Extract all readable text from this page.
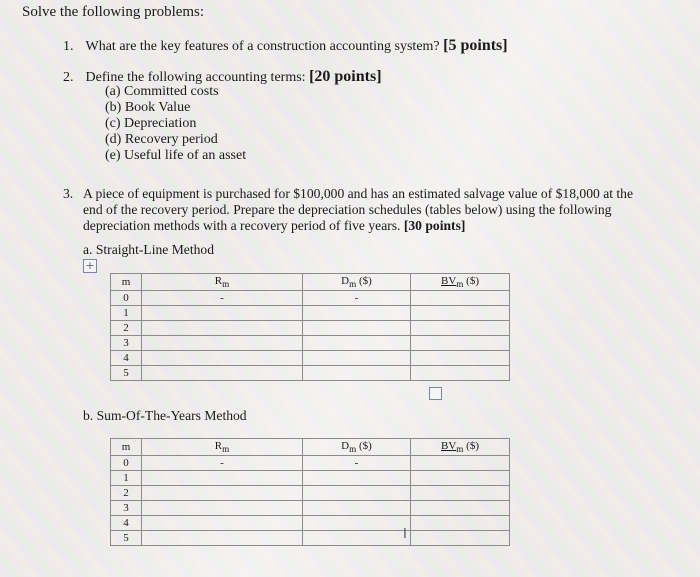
Solve the following problems:
1. What are the key features of a construction accounting system? [5 points]
2. Define the following accounting terms: [20 points]
(a) Committed costs
(b) Book Value
(c) Depreciation
(d) Recovery period
(e) Useful life of an asset
3. A piece of equipment is purchased for $100,000 and has an estimated salvage value of $18,000 at the end of the recovery period. Prepare the depreciation schedules (tables below) using the following depreciation methods with a recovery period of five years. [30 points]
a. Straight-Line Method
+
m	$R_m$	$D_m$ ($)	$BV_m$ ($)
0	-	-	
1			
2			
3			
4			
5			
b. Sum-Of-The-Years Method
m	$R_m$	$D_m$ ($)	$BV_m$ ($)
0	-	-	
1			
2			
3			
4			
5				I
